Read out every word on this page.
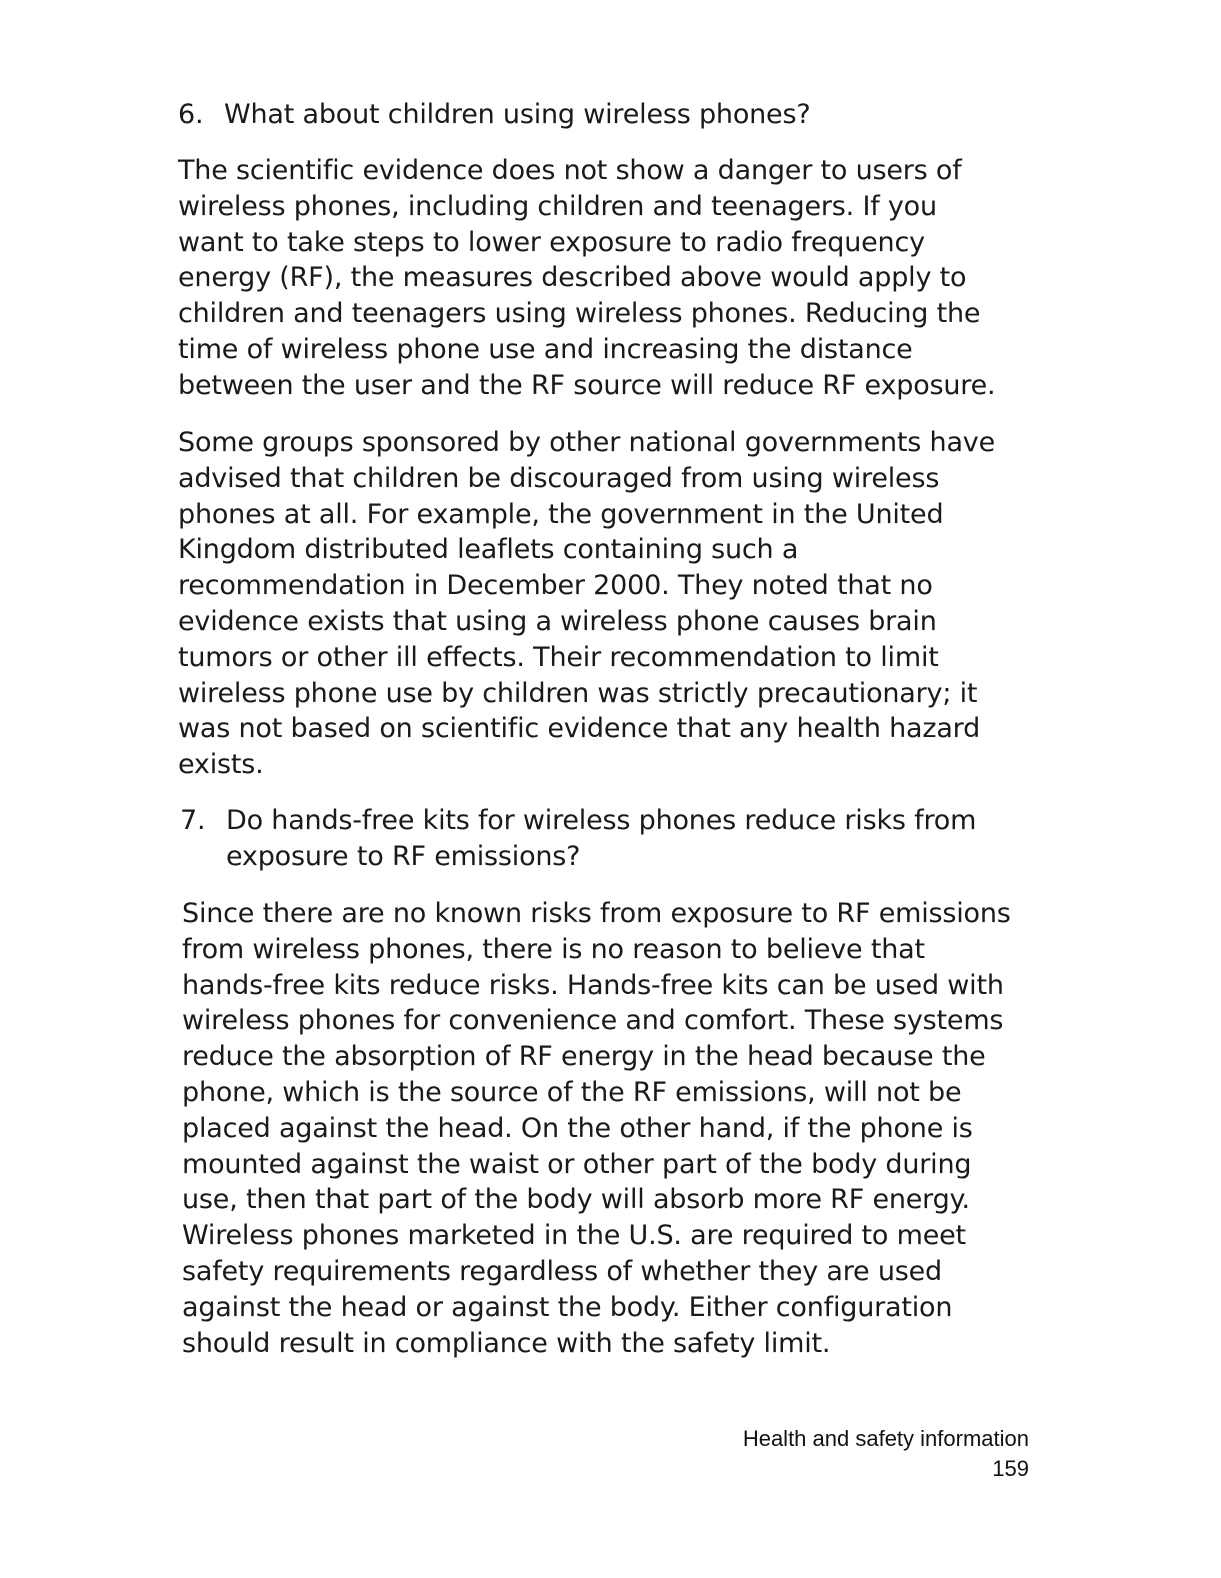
6. What about children using wireless phones?
The scientific evidence does not show a danger to users of
wireless phones, including children and teenagers. If you
want to take steps to lower exposure to radio frequency
energy (RF), the measures described above would apply to
children and teenagers using wireless phones. Reducing the
time of wireless phone use and increasing the distance
between the user and the RF source will reduce RF exposure.
Some groups sponsored by other national governments have
advised that children be discouraged from using wireless
phones at all. For example, the government in the United
Kingdom distributed leaflets containing such a
recommendation in December 2000. They noted that no
evidence exists that using a wireless phone causes brain
tumors or other ill effects. Their recommendation to limit
wireless phone use by children was strictly precautionary; it
was not based on scientific evidence that any health hazard
exists.
7. Do hands-free kits for wireless phones reduce risks from
exposure to RF emissions?
Since there are no known risks from exposure to RF emissions
from wireless phones, there is no reason to believe that
hands-free kits reduce risks. Hands-free kits can be used with
wireless phones for convenience and comfort. These systems
reduce the absorption of RF energy in the head because the
phone, which is the source of the RF emissions, will not be
placed against the head. On the other hand, if the phone is
mounted against the waist or other part of the body during
use, then that part of the body will absorb more RF energy.
Wireless phones marketed in the U.S. are required to meet
safety requirements regardless of whether they are used
against the head or against the body. Either configuration
should result in compliance with the safety limit.
Health and safety information
159
